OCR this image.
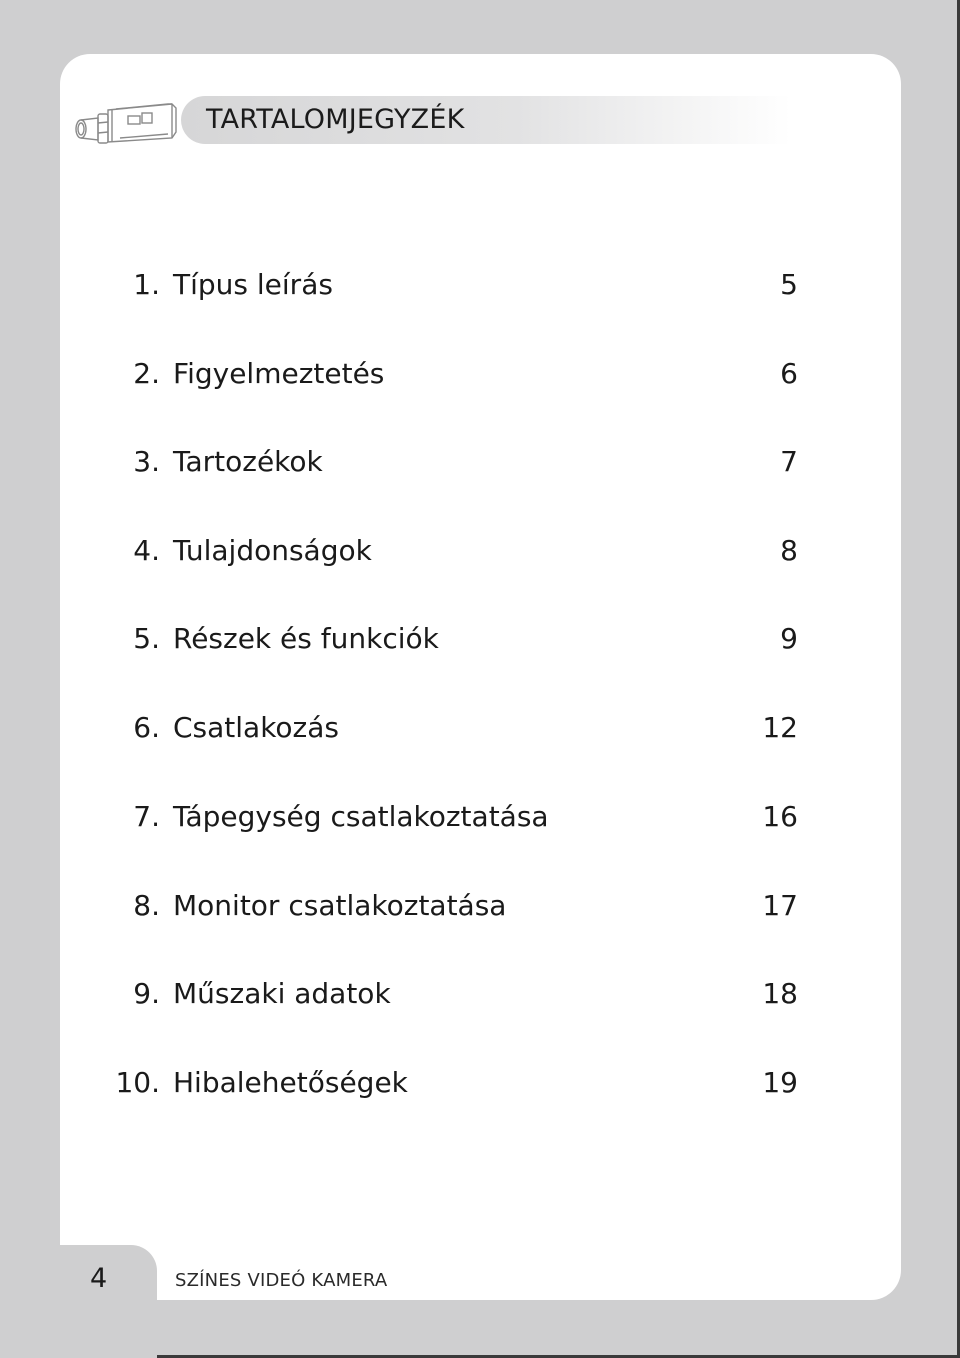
TARTALOMJEGYZÉK
1. Típus leírás	5
2. Figyelmeztetés	6
3. Tartozékok	7
4. Tulajdonságok	8
5. Részek és funkciók	9
6. Csatlakozás	12
7. Tápegység csatlakoztatása	16
8. Monitor csatlakoztatása	17
9. Műszaki adatok	18
10. Hibalehetőségek	19
4	SZÍNES VIDEÓ KAMERA
